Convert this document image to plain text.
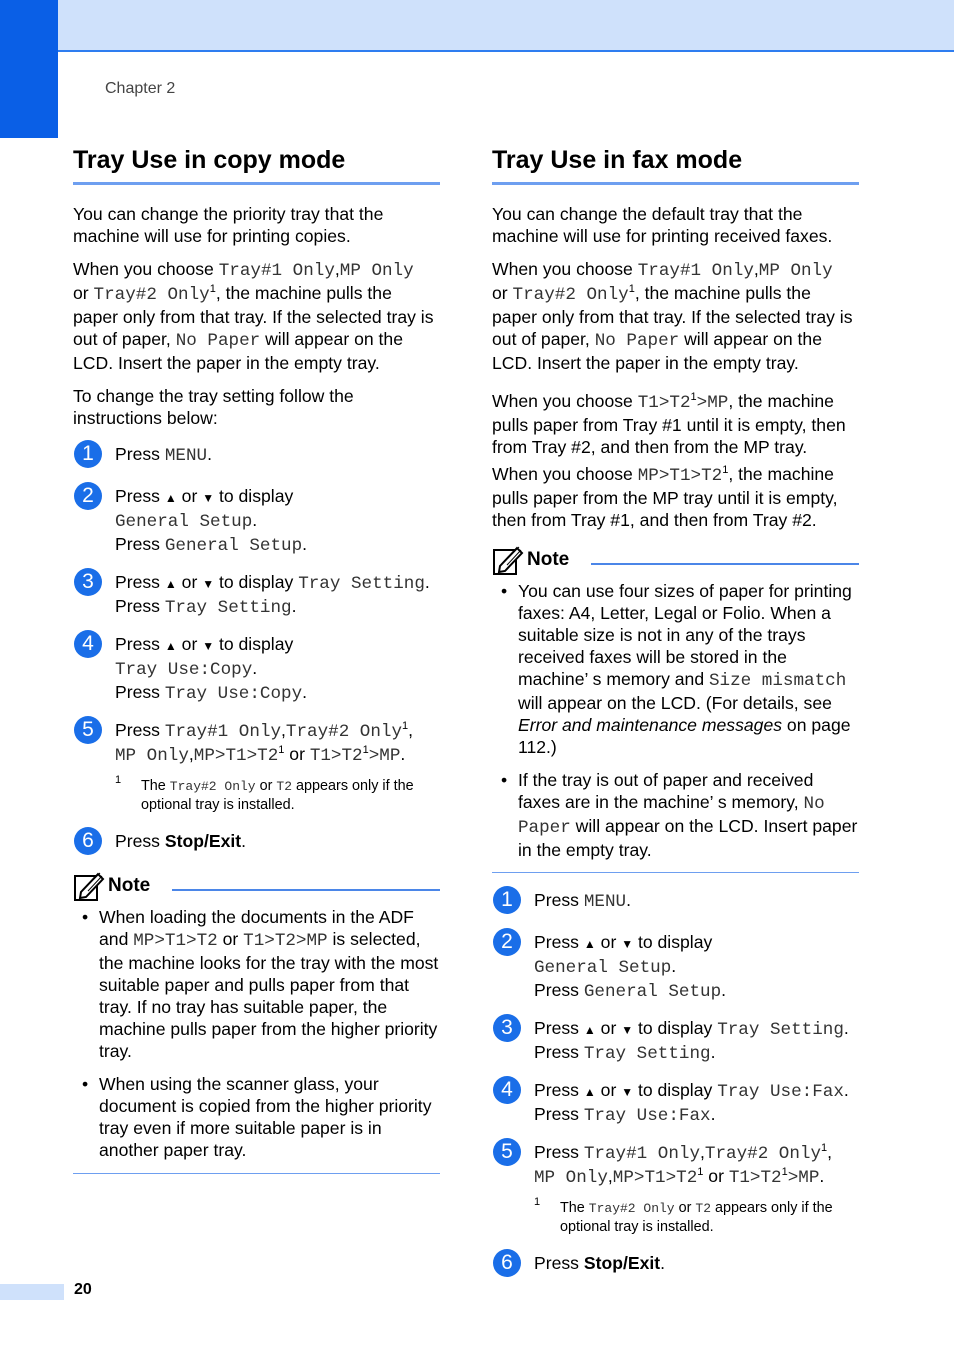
Chapter 2
Tray Use in copy mode

You can change the priority tray that the machine will use for printing copies.

When you choose Tray#1 Only,MP Only
or Tray#2 Only$^1$, the machine pulls the paper only from that tray. If the selected tray is out of paper, No Paper will appear on the LCD. Insert the paper in the empty tray.

To change the tray setting follow the instructions below:

1	Press MENU.
2	Press ▲ or ▼ to display
General Setup.
Press General Setup.
3	Press ▲ or ▼ to display Tray Setting.
Press Tray Setting.
4	Press ▲ or ▼ to display
Tray Use:Copy.
Press Tray Use:Copy.
5	Press Tray#1 Only,Tray#2 Only$^1$,
MP $Only,MP>T1>T2^1$ or $T1>T2^1>MP$.
1 The Tray#2 Only or T2 appears only if the optional tray is installed.
6	Press Stop/Exit.
Note
• When loading the documents in the ADF and MP>T1>T2 or T1>T2>MP is selected, the machine looks for the tray with the most suitable paper and pulls paper from that tray. If no tray has suitable paper, the machine pulls paper from the higher priority tray.
• When using the scanner glass, your document is copied from the higher priority tray even if more suitable paper is in another paper tray.
Tray Use in fax mode

You can change the default tray that the machine will use for printing received faxes.

When you choose Tray#1 Only,MP Only
or Tray#2 Only$^1$, the machine pulls the paper only from that tray. If the selected tray is out of paper, No Paper will appear on the LCD. Insert the paper in the empty tray.

When you choose $T1>T2^1>MP$, the machine pulls paper from Tray #1 until it is empty, then from Tray #2, and then from the MP tray.

When you choose $MP>T1>T2^1$, the machine pulls paper from the MP tray until it is empty, then from Tray #1, and then from Tray #2.

Note
• You can use four sizes of paper for printing faxes: A4, Letter, Legal or Folio. When a suitable size is not in any of the trays received faxes will be stored in the machine’ s memory and Size mismatch will appear on the LCD. (For details, see Error and maintenance messages on page 112.)
• If the tray is out of paper and received faxes are in the machine’ s memory, No Paper will appear on the LCD. Insert paper in the empty tray.
1	Press MENU.
2	Press ▲ or ▼ to display
General Setup.
Press General Setup.
3	Press ▲ or ▼ to display Tray Setting.
Press Tray Setting.
4	Press ▲ or ▼ to display Tray Use:Fax.
Press Tray Use:Fax.
5	Press Tray#1 Only,Tray#2 Only$^1$,
MP $Only,MP>T1>T2^1$ or $T1>T2^1>MP$.
1 The Tray#2 Only or T2 appears only if the optional tray is installed.
6	Press Stop/Exit.
20
